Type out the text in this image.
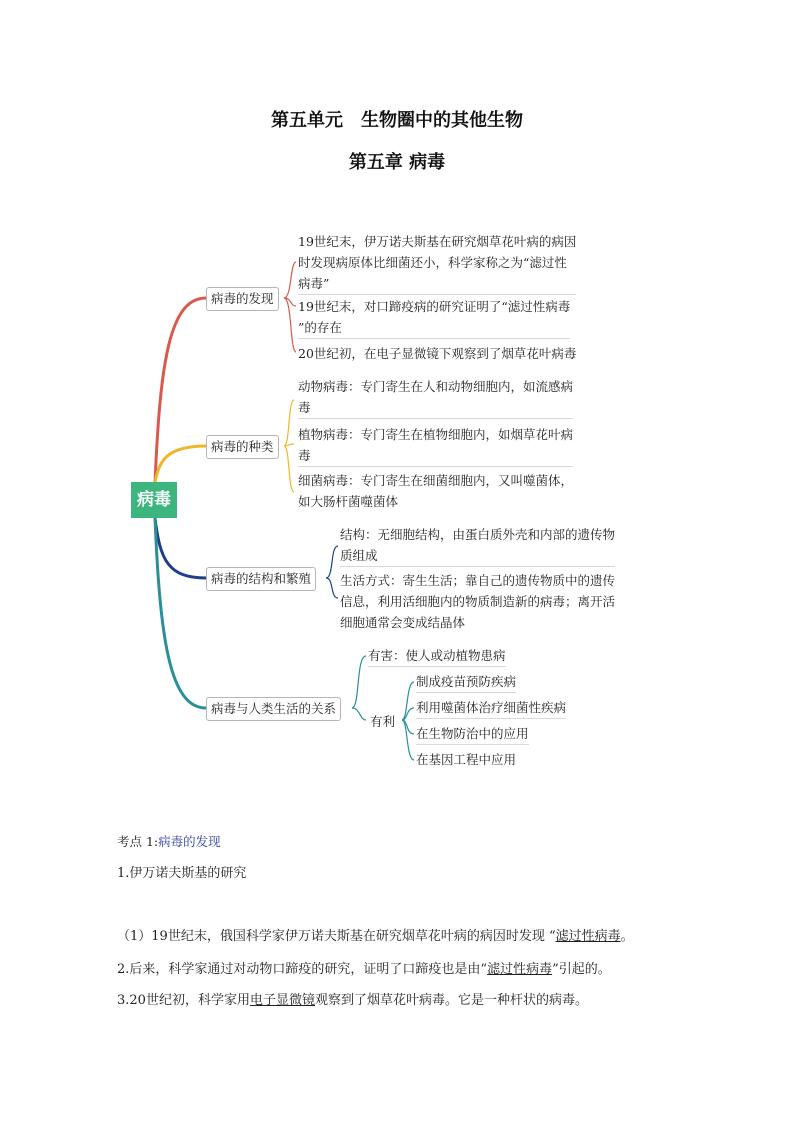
第五单元　生物圈中的其他生物
第五章 病毒
病毒
病毒的发现
病毒的种类
病毒的结构和繁殖
病毒与人类生活的关系
19世纪末，伊万诺夫斯基在研究烟草花叶病的病因
时发现病原体比细菌还小，科学家称之为“滤过性
病毒”
19世纪末，对口蹄疫病的研究证明了“滤过性病毒
”的存在
20世纪初，在电子显微镜下观察到了烟草花叶病毒
动物病毒：专门寄生在人和动物细胞内，如流感病
毒
植物病毒：专门寄生在植物细胞内，如烟草花叶病
毒
细菌病毒：专门寄生在细菌细胞内，又叫噬菌体，
如大肠杆菌噬菌体
结构：无细胞结构，由蛋白质外壳和内部的遗传物
质组成
生活方式：寄生生活；靠自己的遗传物质中的遗传
信息，利用活细胞内的物质制造新的病毒；离开活
细胞通常会变成结晶体
有害：使人或动植物患病
有利
制成疫苗预防疾病
利用噬菌体治疗细菌性疾病
在生物防治中的应用
在基因工程中应用
考点 1:病毒的发现
1.伊万诺夫斯基的研究
（1）19世纪末，俄国科学家伊万诺夫斯基在研究烟草花叶病的病因时发现 “滤过性病毒。
2.后来，科学家通过对动物口蹄疫的研究，证明了口蹄疫也是由“滤过性病毒”引起的。
3.20世纪初，科学家用电子显微镜观察到了烟草花叶病毒。它是一种杆状的病毒。
